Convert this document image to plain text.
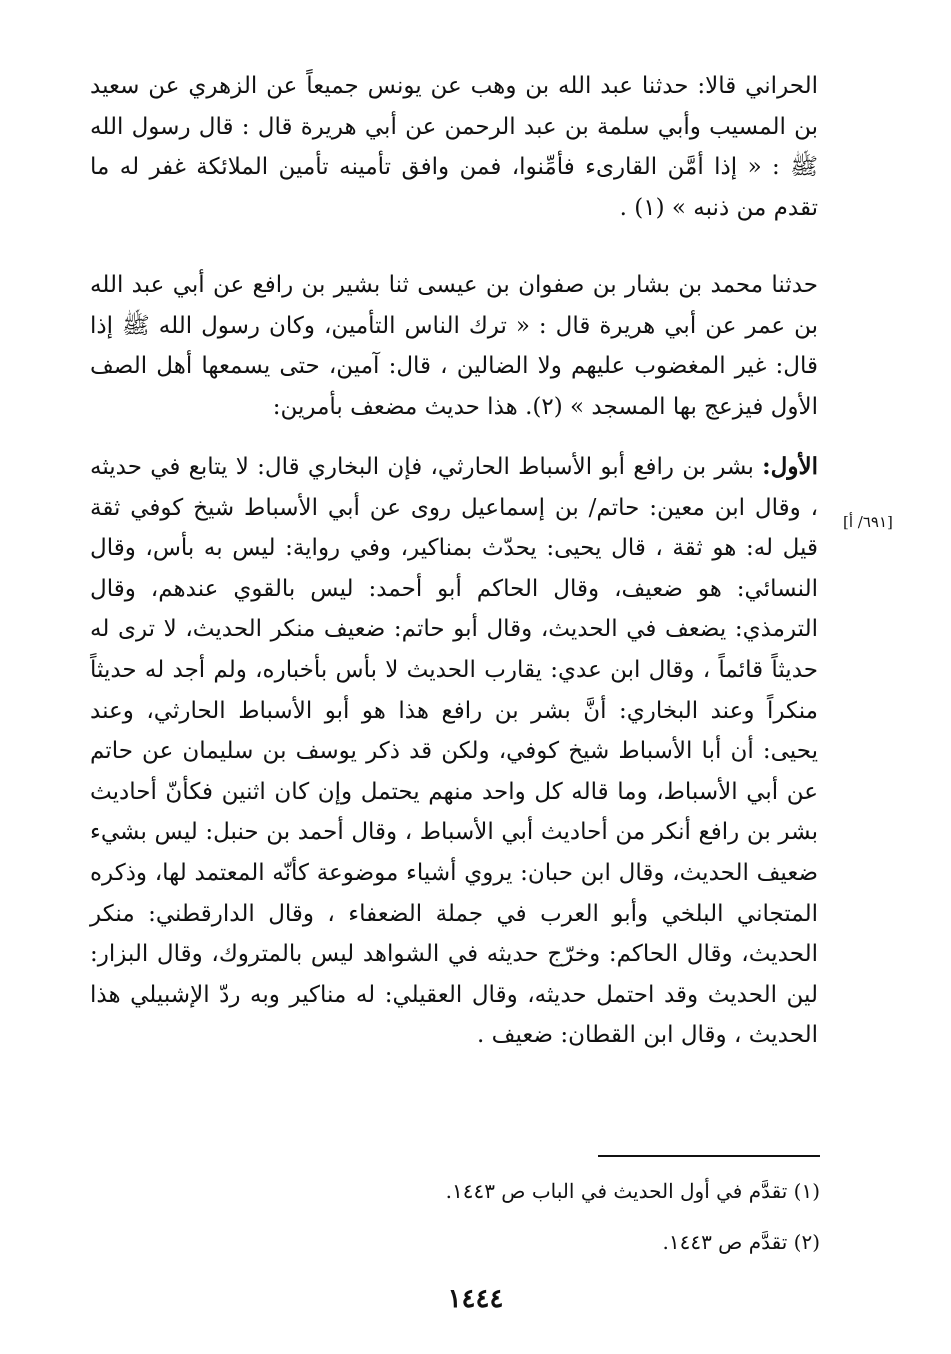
الحراني قالا: حدثنا عبد الله بن وهب عن يونس جميعاً عن الزهري عن سعيد بن المسيب وأبي سلمة بن عبد الرحمن عن أبي هريرة قال : قال رسول الله ﷺ : « إذا أمَّن القارىء فأمِّنوا، فمن وافق تأمينه تأمين الملائكة غفر له ما تقدم من ذنبه » (١) .

حدثنا محمد بن بشار بن صفوان بن عيسى ثنا بشير بن رافع عن أبي عبد الله بن عمر عن أبي هريرة قال : « ترك الناس التأمين، وكان رسول الله ﷺ إذا قال: غير المغضوب عليهم ولا الضالين ، قال: آمين، حتى يسمعها أهل الصف الأول فيزعج بها المسجد » (٢). هذا حديث مضعف بأمرين:

الأول: بشر بن رافع أبو الأسباط الحارثي، فإن البخاري قال: لا يتابع في حديثه ، وقال ابن معين: حاتم/ بن إسماعيل روى عن أبي الأسباط شيخ كوفي ثقة قيل له: هو ثقة ، قال يحيى: يحدّث بمناكير، وفي رواية: ليس به بأس، وقال النسائي: هو ضعيف، وقال الحاكم أبو أحمد: ليس بالقوي عندهم، وقال الترمذي: يضعف في الحديث، وقال أبو حاتم: ضعيف منكر الحديث، لا ترى له حديثاً قائماً ، وقال ابن عدي: يقارب الحديث لا بأس بأخباره، ولم أجد له حديثاً منكراً وعند البخاري: أنَّ بشر بن رافع هذا هو أبو الأسباط الحارثي، وعند يحيى: أن أبا الأسباط شيخ كوفي، ولكن قد ذكر يوسف بن سليمان عن حاتم عن أبي الأسباط، وما قاله كل واحد منهم يحتمل وإن كان اثنين فكأنّ أحاديث بشر بن رافع أنكر من أحاديث أبي الأسباط ، وقال أحمد بن حنبل: ليس بشيء ضعيف الحديث، وقال ابن حبان: يروي أشياء موضوعة كأنّه المعتمد لها، وذكره المتجاني البلخي وأبو العرب في جملة الضعفاء ، وقال الدارقطني: منكر الحديث، وقال الحاكم: وخرّج حديثه في الشواهد ليس بالمتروك، وقال البزار: لين الحديث وقد احتمل حديثه، وقال العقيلي: له مناكير وبه ردّ الإشبيلي هذا الحديث ، وقال ابن القطان: ضعيف .

[٦٩١/ أ]
(١) تقدَّم في أول الحديث في الباب ص ١٤٤٣.
(٢) تقدَّم ص ١٤٤٣.
١٤٤٤
